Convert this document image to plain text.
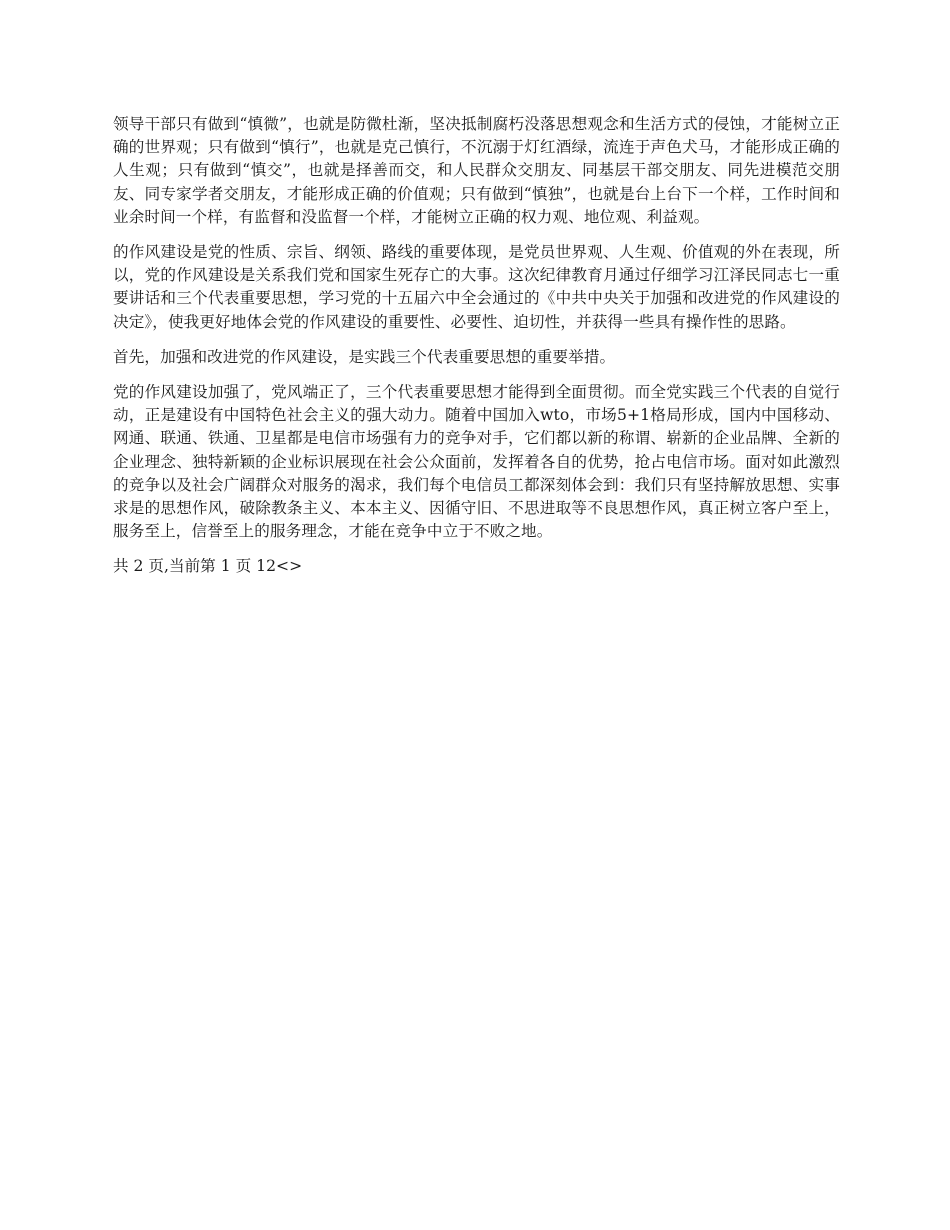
领导干部只有做到“慎微”，也就是防微杜渐，坚决抵制腐朽没落思想观念和生活方式的侵蚀，才能树立正确的世界观；只有做到“慎行”，也就是克己慎行，不沉溺于灯红酒绿，流连于声色犬马，才能形成正确的人生观；只有做到“慎交”，也就是择善而交，和人民群众交朋友、同基层干部交朋友、同先进模范交朋友、同专家学者交朋友，才能形成正确的价值观；只有做到“慎独”，也就是台上台下一个样，工作时间和业余时间一个样，有监督和没监督一个样，才能树立正确的权力观、地位观、利益观。

的作风建设是党的性质、宗旨、纲领、路线的重要体现，是党员世界观、人生观、价值观的外在表现，所以，党的作风建设是关系我们党和国家生死存亡的大事。这次纪律教育月通过仔细学习江泽民同志七一重要讲话和三个代表重要思想，学习党的十五届六中全会通过的《中共中央关于加强和改进党的作风建设的决定》，使我更好地体会党的作风建设的重要性、必要性、迫切性，并获得一些具有操作性的思路。

首先，加强和改进党的作风建设，是实践三个代表重要思想的重要举措。

党的作风建设加强了，党风端正了，三个代表重要思想才能得到全面贯彻。而全党实践三个代表的自觉行动，正是建设有中国特色社会主义的强大动力。随着中国加入wto，市场5+1格局形成，国内中国移动、网通、联通、铁通、卫星都是电信市场强有力的竞争对手，它们都以新的称谓、崭新的企业品牌、全新的企业理念、独特新颖的企业标识展现在社会公众面前，发挥着各自的优势，抢占电信市场。面对如此激烈的竞争以及社会广阔群众对服务的渴求，我们每个电信员工都深刻体会到：我们只有坚持解放思想、实事求是的思想作风，破除教条主义、本本主义、因循守旧、不思进取等不良思想作风，真正树立客户至上，服务至上，信誉至上的服务理念，才能在竞争中立于不败之地。

共 2 页,当前第 1 页 12<>
